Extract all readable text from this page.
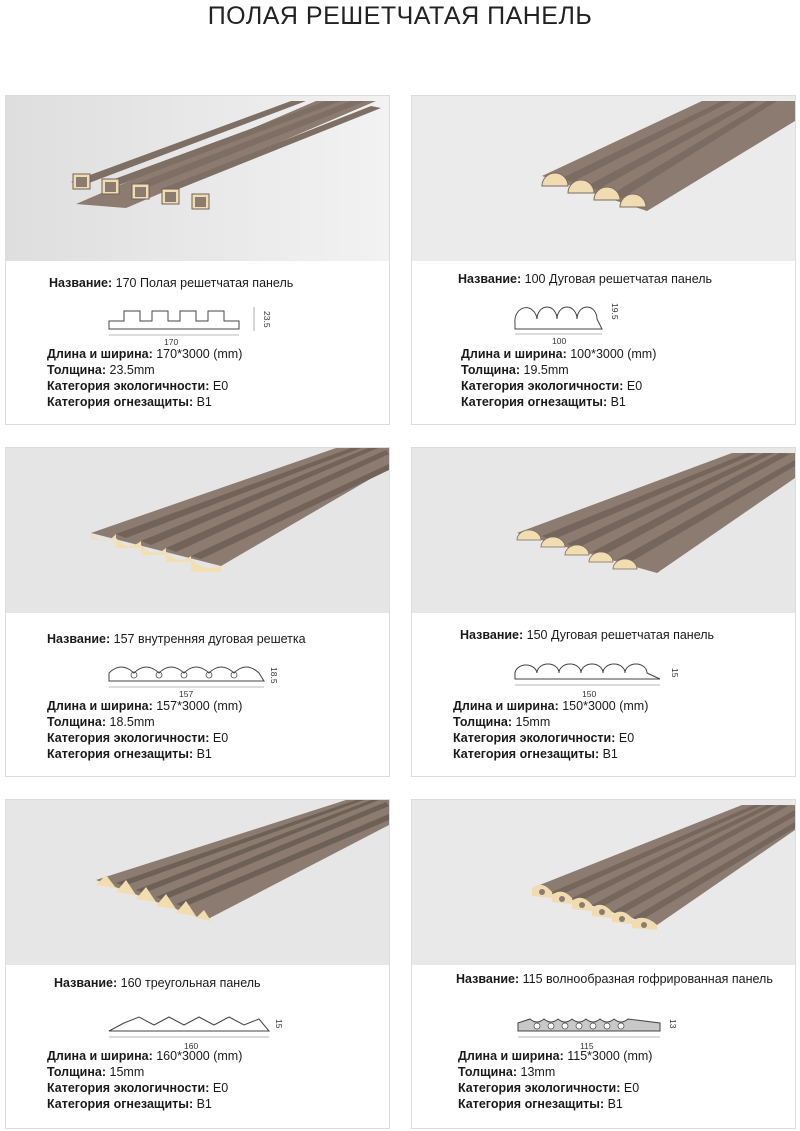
ПОЛАЯ РЕШЕТЧАТАЯ ПАНЕЛЬ
Название: 170 Полая решетчатая панель
170
23.5
Длина и ширина: 170*3000 (mm)
Толщина: 23.5mm
Категория экологичности: E0
Категория огнезащиты: B1
Название: 100 Дуговая решетчатая панель
100
19.5
Длина и ширина: 100*3000 (mm)
Толщина: 19.5mm
Категория экологичности: E0
Категория огнезащиты: B1
Название: 157 внутренняя дуговая решетка
157
18.5
Длина и ширина: 157*3000 (mm)
Толщина: 18.5mm
Категория экологичности: E0
Категория огнезащиты: B1
Название: 150 Дуговая решетчатая панель
150
15
Длина и ширина: 150*3000 (mm)
Толщина: 15mm
Категория экологичности: E0
Категория огнезащиты: B1
Название: 160 треугольная панель
160
15
Длина и ширина: 160*3000 (mm)
Толщина: 15mm
Категория экологичности: E0
Категория огнезащиты: B1
Название: 115 волнообразная гофрированная панель
115
13
Длина и ширина: 115*3000 (mm)
Толщина: 13mm
Категория экологичности: E0
Категория огнезащиты: B1
